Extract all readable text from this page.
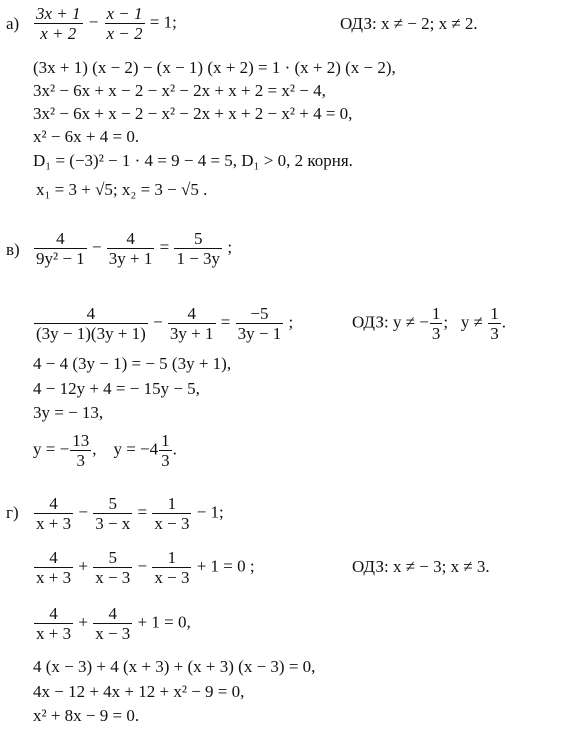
$а) \frac{3x + 1}{x + 2} - \frac{x - 1}{x - 2} = 1$;	ОДЗ: x ≠ − 2; x ≠ 2.
(3x + 1) (x − 2) − (x − 1) (x + 2) = 1 · (x + 2) (x − 2),
3x² − 6x + x − 2 − x² − 2x + x + 2 = x² − 4,
3x² − 6x + x − 2 − x² − 2x + x + 2 − x² + 4 = 0,
x² − 6x + 4 = 0.
D₁ = (−3)² − 1 · 4 = 9 − 4 = 5, D₁ > 0, 2 корня.
x₁ = 3 + √5; x₂ = 3 − √5 .
$в) \frac{4}{\text{9y² − 1}} - \frac{4}{3y + 1} = \frac{5}{1 - 3y}$ ;
$\frac{4}{(3y - 1)(3y + 1)} - \frac{4}{3y + 1} = \frac{-5}{3y - 1}$ ;	ОДЗ: y ≠ − $\frac{1}{3}$ ; $y \ne \frac{1}{3}$ .
4 − 4 (3y − 1) = − 5 (3y + 1),
4 − 12y + 4 = − 15y − 5,
3y = − 13,
y = − $\frac{13}{3}$ , $y = -4 \frac{1}{3}$ .
$г) \frac{4}{x + 3} - \frac{5}{3 - x} = \frac{1}{x - 3} - 1$;
$\frac{4}{x + 3} + \frac{5}{x - 3} - \frac{1}{x - 3} + 1 = 0$ ;	ОДЗ: x ≠ − 3; x ≠ 3.
$\frac{4}{x + 3} + \frac{4}{x - 3} + 1 = 0$,
4 (x − 3) + 4 (x + 3) + (x + 3) (x − 3) = 0,
4x − 12 + 4x + 12 + x² − 9 = 0,
x² + 8x − 9 = 0.
